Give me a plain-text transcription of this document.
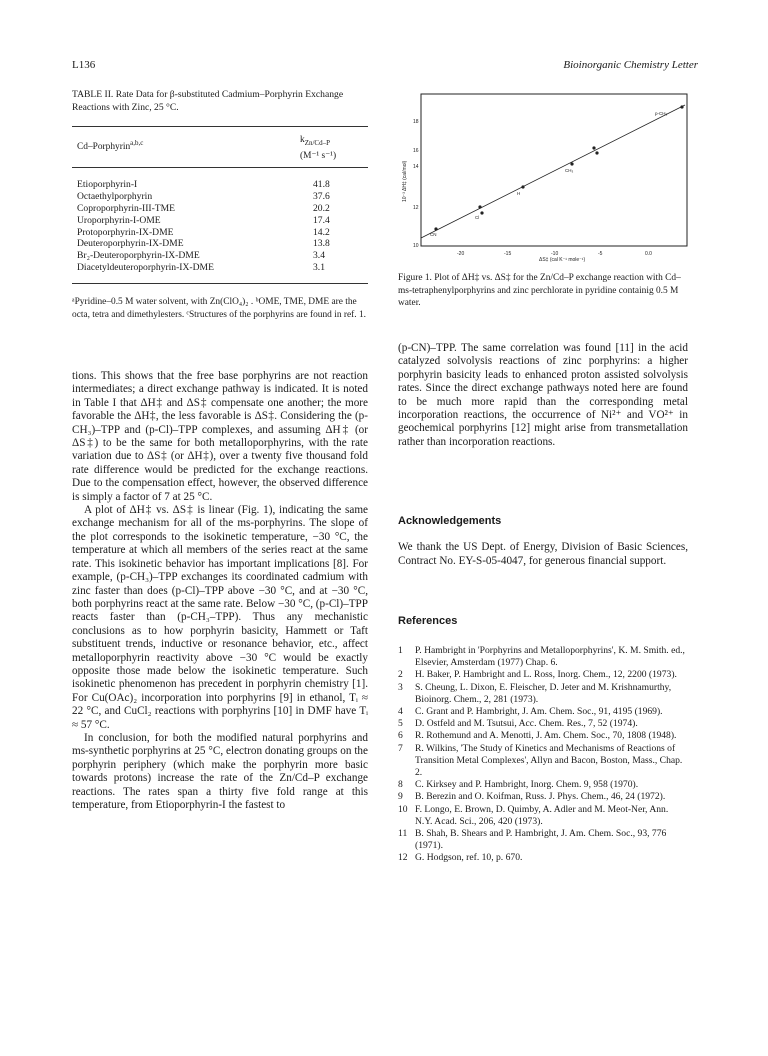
L136	Bioinorganic Chemistry Letter
TABLE II. Rate Data for β-substituted Cadmium–Porphyrin Exchange Reactions with Zinc, 25 °C.
Cd–Porphyrin$^{a,b,c}$	$k_{Zn/Cd-P}$
(M⁻¹ s⁻¹)
Etioporphyrin-I	41.8
Octaethylporphyrin	37.6
Coproporphyrin-III-TME	20.2
Uroporphyrin-I-OME	17.4
Protoporphyrin-IX-DME	14.2
Deuteroporphyrin-IX-DME	13.8
Br₂-Deuteroporphyrin-IX-DME	3.4
Diacetyldeuteroporphyrin-IX-DME	3.1
ᵃPyridine–0.5 M water solvent, with Zn(ClO₄)₂ . ᵇOME, TME, DME are the octa, tetra and dimethylesters. ᶜStructures of the porphyrins are found in ref. 1.

tions. This shows that the free base porphyrins are not reaction intermediates; a direct exchange pathway is indicated. It is noted in Table I that ΔH‡ and ΔS‡ compensate one another; the more favorable the ΔH‡, the less favorable is ΔS‡. Considering the (p-CH₃)–TPP and (p-Cl)–TPP complexes, and assuming ΔH‡ (or ΔS‡) to be the same for both metalloporphyrins, with the rate variation due to ΔS‡ (or ΔH‡), over a twenty five thousand fold rate difference would be predicted for the exchange reactions. Due to the compensation effect, however, the observed difference is simply a factor of 7 at 25 °C.

A plot of ΔH‡ vs. ΔS‡ is linear (Fig. 1), indicating the same exchange mechanism for all of the ms-porphyrins. The slope of the plot corresponds to the isokinetic temperature, −30 °C, the temperature at which all members of the series react at the same rate. This isokinetic behavior has important implications [8]. For example, (p-CH₃)–TPP exchanges its coordinated cadmium with zinc faster than does (p-Cl)–TPP above −30 °C, and at −30 °C, both porphyrins react at the same rate. Below −30 °C, (p-Cl)–TPP reacts faster than (p-CH₃–TPP). Thus any mechanistic conclusions as to how porphyrin basicity, Hammett or Taft substituent trends, inductive or resonance behavior, etc., affect metalloporphyrin reactivity above −30 °C would be exactly opposite those made below the isokinetic temperature. Such isokinetic phenomenon has precedent in porphyrin chemistry [1]. For Cu(OAc)₂ incorporation into porphyrins [9] in ethanol, Tᵢ ≈ 22 °C, and CuCl₂ reactions with porphyrins [10] in DMF have Tᵢ ≈ 57 °C.

In conclusion, for both the modified natural porphyrins and ms-synthetic porphyrins at 25 °C, electron donating groups on the porphyrin periphery (which make the porphyrin more basic towards protons) increase the rate of the Zn/Cd–P exchange reactions. The rates span a thirty five fold range at this temperature, from Etioporphyrin-I the fastest to

18
16
14
12
10
-20	-15	-10	-5	0.0
ΔS‡ (cal K⁻¹ mole⁻¹)
10⁻³ ΔH‡ (cal/mol)
p-CH₃
CH₃
H
Cl
CN
Figure 1. Plot of ΔH‡ vs. ΔS‡ for the Zn/Cd–P exchange reaction with Cd–ms-tetraphenylporphyrins and zinc perchlorate in pyridine containig 0.5 M water.

(p-CN)–TPP. The same correlation was found [11] in the acid catalyzed solvolysis reactions of zinc porphyrins: a higher porphyrin basicity leads to enhanced proton assisted solvolysis rates. Since the direct exchange pathways noted here are found to be much more rapid than the corresponding metal incorporation reactions, the occurrence of Ni²⁺ and VO²⁺ in geochemical porphyrins [12] might arise from transmetallation rather than incorporation reactions.

Acknowledgements
We thank the US Dept. of Energy, Division of Basic Sciences, Contract No. EY-S-05-4047, for generous financial support.
References
1	P. Hambright in 'Porphyrins and Metalloporphyrins', K. M. Smith. ed., Elsevier, Amsterdam (1977) Chap. 6.
2	H. Baker, P. Hambright and L. Ross, Inorg. Chem., 12, 2200 (1973).
3	S. Cheung, L. Dixon, E. Fleischer, D. Jeter and M. Krishnamurthy, Bioinorg. Chem., 2, 281 (1973).
4	C. Grant and P. Hambright, J. Am. Chem. Soc., 91, 4195 (1969).
5	D. Ostfeld and M. Tsutsui, Acc. Chem. Res., 7, 52 (1974).
6	R. Rothemund and A. Menotti, J. Am. Chem. Soc., 70, 1808 (1948).
7	R. Wilkins, 'The Study of Kinetics and Mechanisms of Reactions of Transition Metal Complexes', Allyn and Bacon, Boston, Mass., Chap. 2.
8	C. Kirksey and P. Hambright, Inorg. Chem. 9, 958 (1970).
9	B. Berezin and O. Koifman, Russ. J. Phys. Chem., 46, 24 (1972).
10 F. Longo, E. Brown, D. Quimby, A. Adler and M. Meot-Ner, Ann. N.Y. Acad. Sci., 206, 420 (1973).
11 B. Shah, B. Shears and P. Hambright, J. Am. Chem. Soc., 93, 776 (1971).
12 G. Hodgson, ref. 10, p. 670.
